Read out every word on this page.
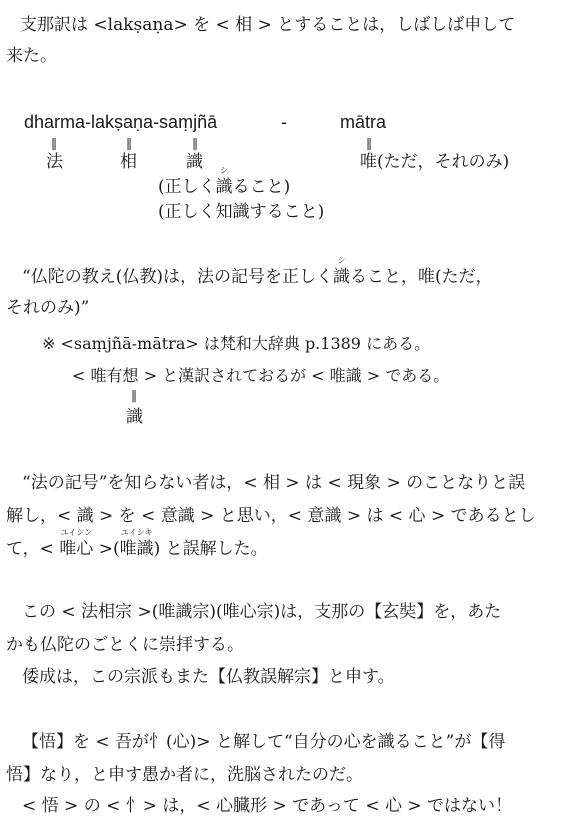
支那訳は <lakṣaṇa> を < 相 > とすることは，しばしば申して
来た。
dharma-lakṣaṇa-saṃjñā	-	mātra
||	||	||	||
法	相	識	唯(ただ，それのみ)
(正しく
シ
識ること)
(正しく知識すること)
“仏陀の教え(仏教)は，法の記号を正しく
シ
識ること，唯(ただ，
それのみ)”
※ <saṃjñā-mātra> は梵和大辞典 p.1389 にある。
< 唯有想 > と漢訳されておるが < 唯識 > である。
||
識
“法の記号”を知らない者は，< 相 > は < 現象 > のことなりと誤
解し，< 識 > を < 意識 > と思い，< 意識 > は < 心 > であるとし
て，<
ユイシン
唯心 >(
ユイシキ
唯識) と誤解した。
この < 法相宗 >(唯識宗)(唯心宗)は，支那の【玄奘】を，あた
かも仏陀のごとくに崇拝する。
倭成は，この宗派もまた【仏教誤解宗】と申す。
【悟】を < 吾が忄(心)> と解して“自分の心を識ること”が【得
悟】なり，と申す愚か者に，洗脳されたのだ。
< 悟 > の < 忄> は，< 心臓形 > であって < 心 > ではない！
